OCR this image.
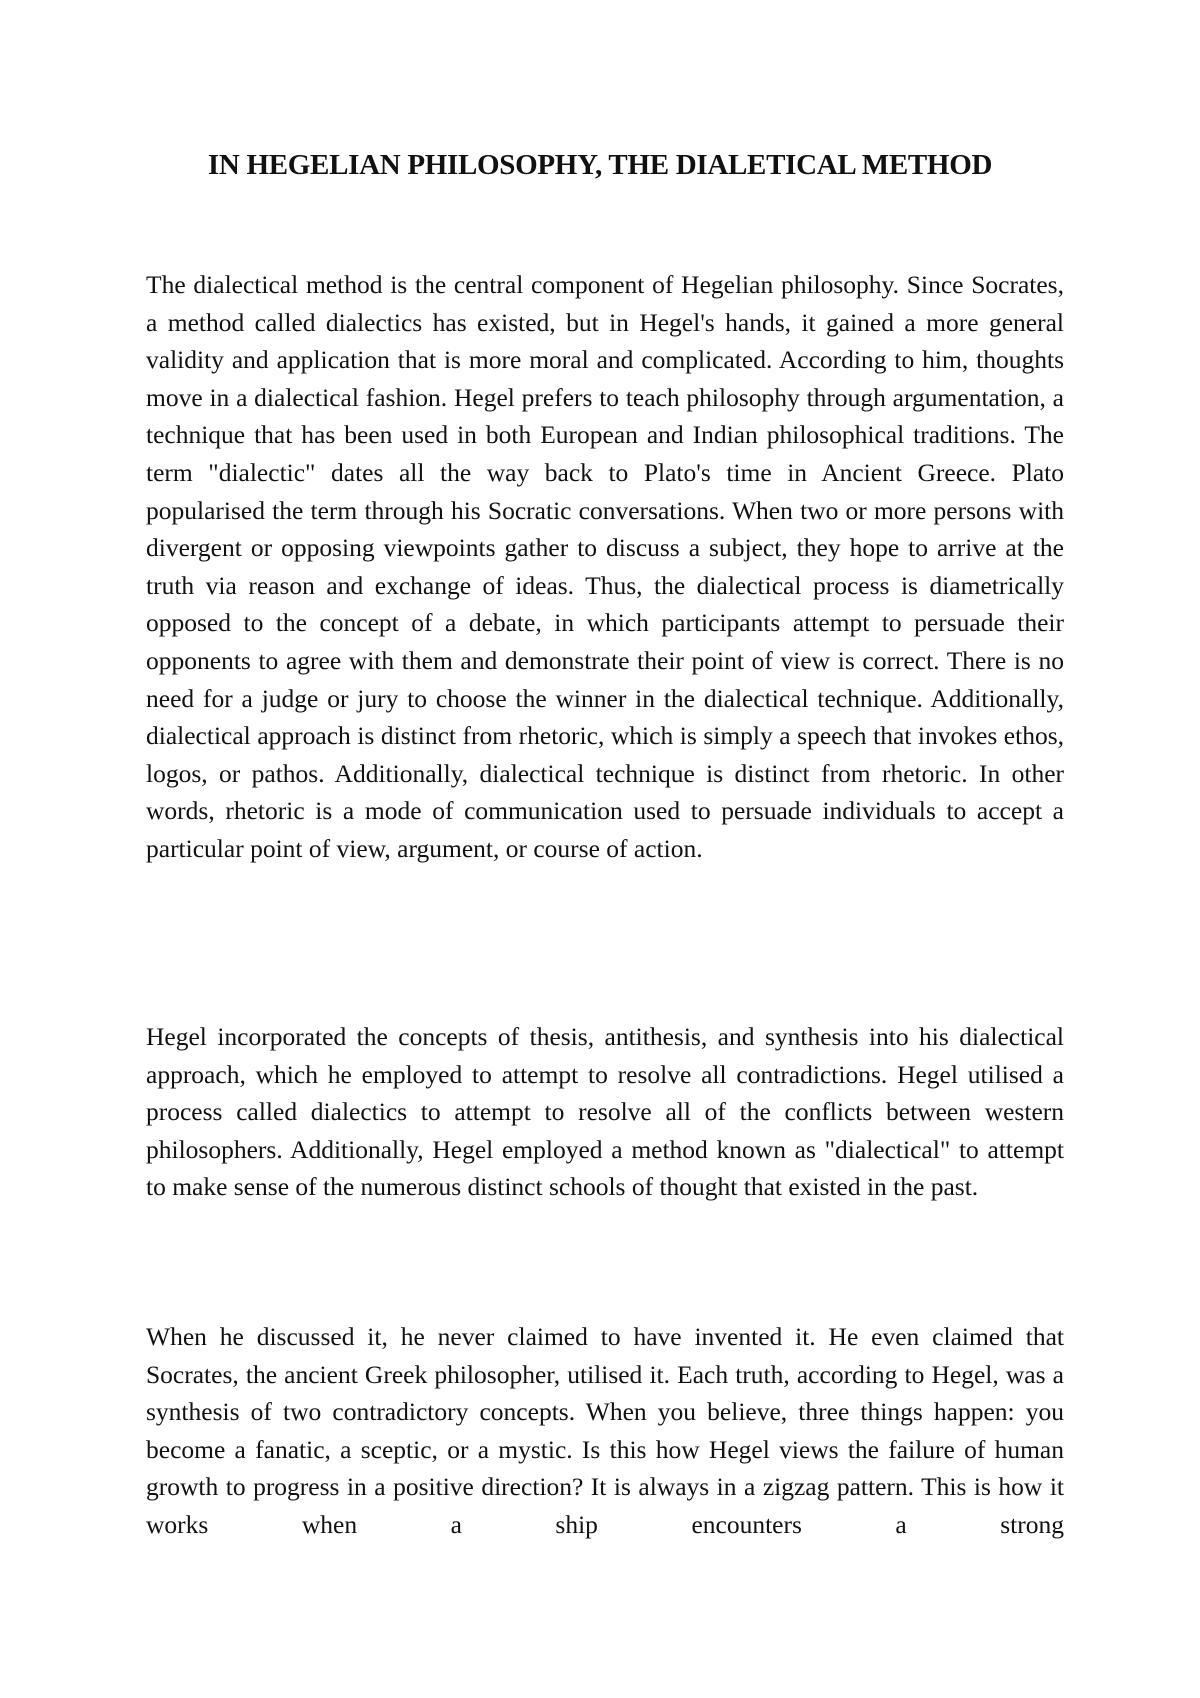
IN HEGELIAN PHILOSOPHY, THE DIALETICAL METHOD

The dialectical method is the central component of Hegelian philosophy. Since Socrates, a method called dialectics has existed, but in Hegel's hands, it gained a more general validity and application that is more moral and complicated. According to him, thoughts move in a dialectical fashion. Hegel prefers to teach philosophy through argumentation, a technique that has been used in both European and Indian philosophical traditions. The term "dialectic" dates all the way back to Plato's time in Ancient Greece. Plato popularised the term through his Socratic conversations. When two or more persons with divergent or opposing viewpoints gather to discuss a subject, they hope to arrive at the truth via reason and exchange of ideas. Thus, the dialectical process is diametrically opposed to the concept of a debate, in which participants attempt to persuade their opponents to agree with them and demonstrate their point of view is correct. There is no need for a judge or jury to choose the winner in the dialectical technique. Additionally, dialectical approach is distinct from rhetoric, which is simply a speech that invokes ethos, logos, or pathos. Additionally, dialectical technique is distinct from rhetoric. In other words, rhetoric is a mode of communication used to persuade individuals to accept a particular point of view, argument, or course of action.

Hegel incorporated the concepts of thesis, antithesis, and synthesis into his dialectical approach, which he employed to attempt to resolve all contradictions. Hegel utilised a process called dialectics to attempt to resolve all of the conflicts between western philosophers. Additionally, Hegel employed a method known as "dialectical" to attempt to make sense of the numerous distinct schools of thought that existed in the past.

When he discussed it, he never claimed to have invented it. He even claimed that Socrates, the ancient Greek philosopher, utilised it. Each truth, according to Hegel, was a synthesis of two contradictory concepts. When you believe, three things happen: you become a fanatic, a sceptic, or a mystic. Is this how Hegel views the failure of human growth to progress in a positive direction? It is always in a zigzag pattern. This is how it works when a ship encounters a strong
